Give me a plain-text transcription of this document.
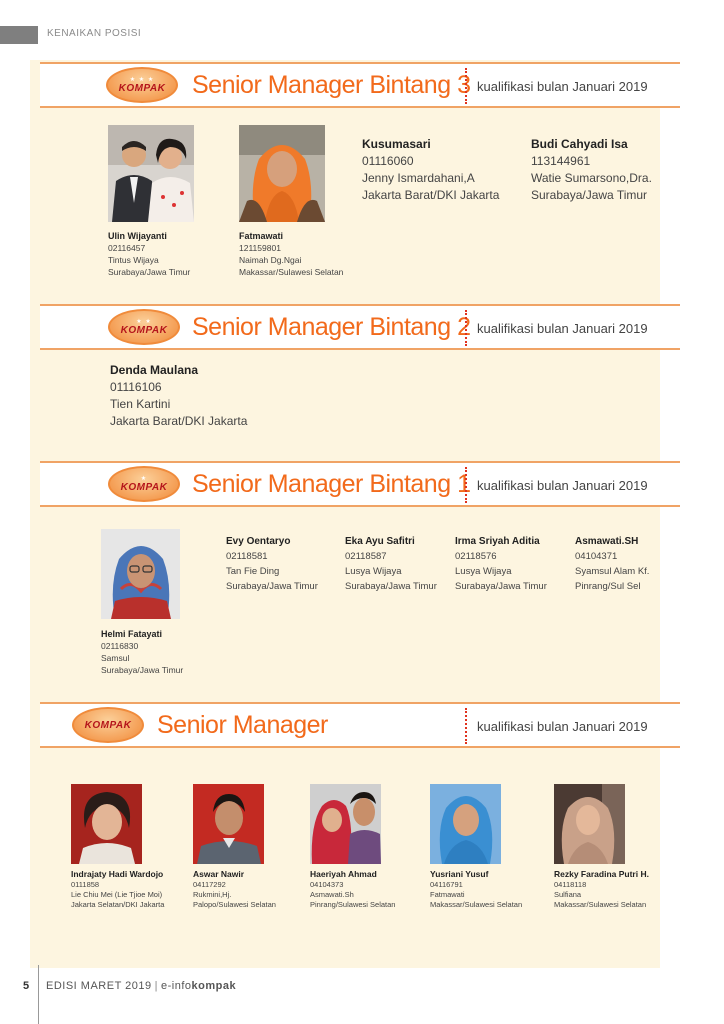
KENAIKAN POSISI
★ ★ ★
KOMPAK Senior Manager Bintang 3 kualifikasi bulan Januari 2019
Ulin Wijayanti
02116457
Tintus Wijaya
Surabaya/Jawa Timur
Fatmawati
121159801
Naimah Dg.Ngai
Makassar/Sulawesi Selatan
Kusumasari
01116060
Jenny Ismardahani,A
Jakarta Barat/DKI Jakarta
Budi Cahyadi Isa
113144961
Watie Sumarsono,Dra.
Surabaya/Jawa Timur
★ ★
KOMPAK Senior Manager Bintang 2 kualifikasi bulan Januari 2019
Denda Maulana
01116106
Tien Kartini
Jakarta Barat/DKI Jakarta
★
KOMPAK Senior Manager Bintang 1 kualifikasi bulan Januari 2019
Helmi Fatayati
02116830
Samsul
Surabaya/Jawa Timur
Evy Oentaryo
02118581
Tan Fie Ding
Surabaya/Jawa Timur
Eka Ayu Safitri
02118587
Lusya Wijaya
Surabaya/Jawa Timur
Irma Sriyah Aditia
02118576
Lusya Wijaya
Surabaya/Jawa Timur
Asmawati.SH
04104371
Syamsul Alam Kf.
Pinrang/Sul Sel
KOMPAK Senior Manager	kualifikasi bulan Januari 2019
Indrajaty Hadi Wardojo
0111858
Lie Chiu Mei (Lie Tjioe Moi)
Jakarta Selatan/DKI Jakarta
Aswar Nawir
04117292
Rukmini,Hj.
Palopo/Sulawesi Selatan
Haeriyah Ahmad
04104373
Asmawati.Sh
Pinrang/Sulawesi Selatan
Yusriani Yusuf
04116791
Fatmawati
Makassar/Sulawesi Selatan
Rezky Faradina Putri H.
04118118
Sulfiana
Makassar/Sulawesi Selatan
5 EDISI MARET 2019 | e-infokompak
